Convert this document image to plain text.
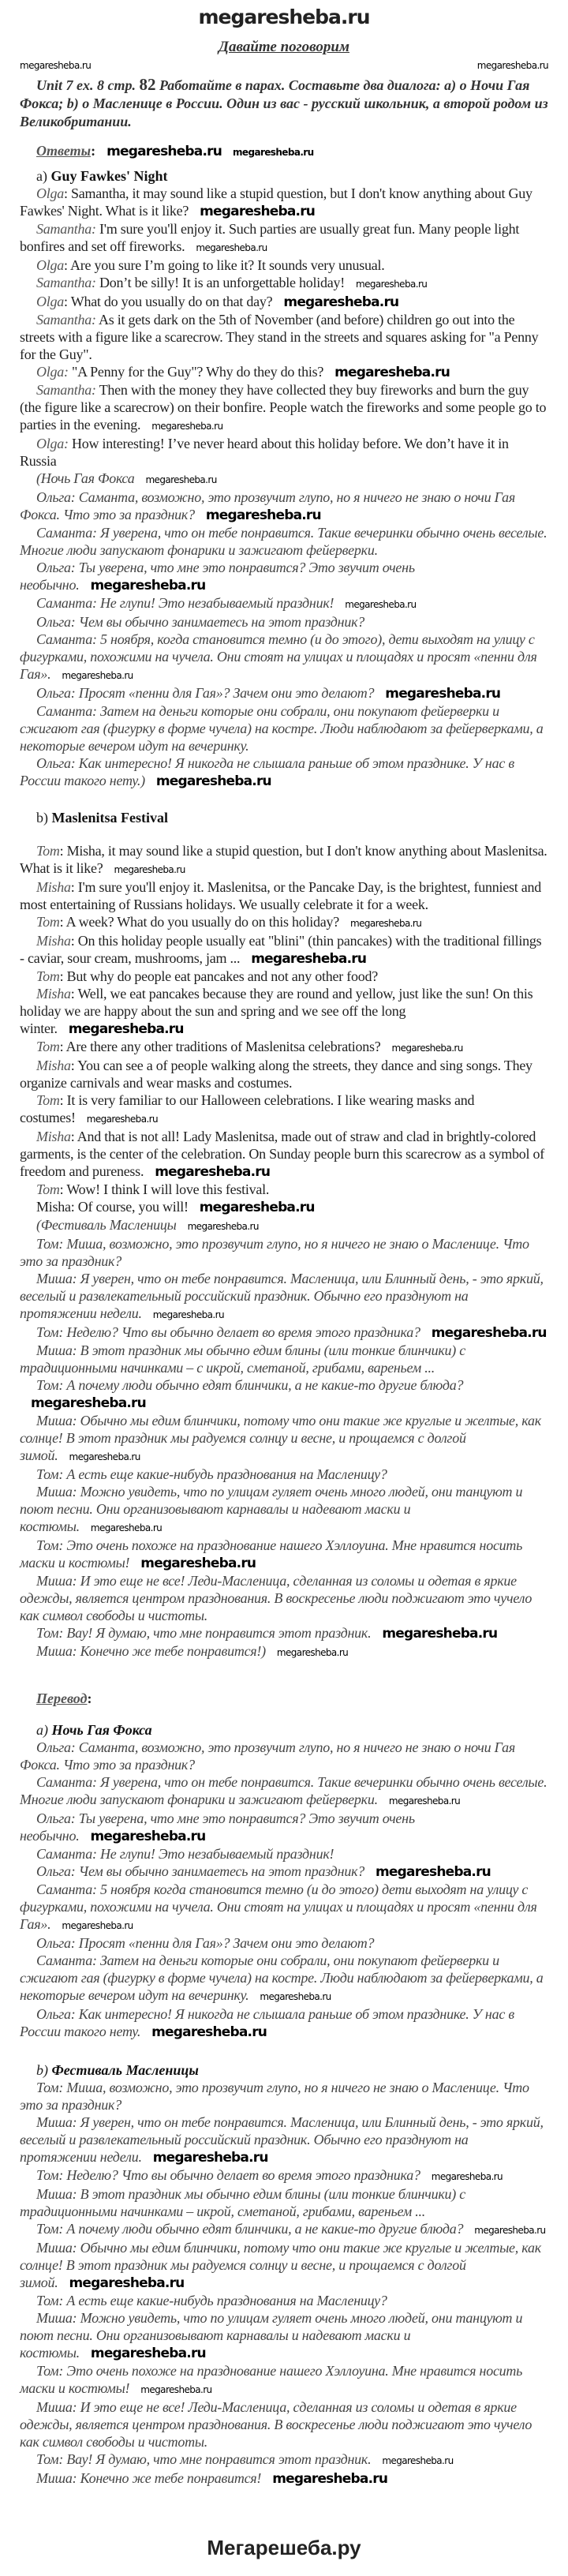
megaresheba.ru
Давайте поговорим
megaresheba.ru	megaresheba.ru

Unit 7 ex. 8 стр. 82 Работайте в парах. Составьте два диалога: а) о Ночи Гая Фокса; b) о Масленице в России. Один из вас - русский школьник, а второй родом из Великобритании.

Ответы: megaresheba.ru megaresheba.ru

a) Guy Fawkes' Night

Olga: Samantha, it may sound like a stupid question, but I don't know anything about Guy Fawkes' Night. What is it like? megaresheba.ru

Samantha: I'm sure you'll enjoy it. Such parties are usually great fun. Many people light bonfires and set off fireworks. megaresheba.ru

Olga: Are you sure I’m going to like it? It sounds very unusual.

Samantha: Don’t be silly! It is an unforgettable holiday! megaresheba.ru

Olga: What do you usually do on that day? megaresheba.ru

Samantha: As it gets dark on the 5th of November (and before) children go out into the streets with a figure like a scarecrow. They stand in the streets and squares asking for "a Penny for the Guy".

Olga: "A Penny for the Guy"? Why do they do this? megaresheba.ru

Samantha: Then with the money they have collected they buy fireworks and burn the guy (the figure like a scarecrow) on their bonfire. People watch the fireworks and some people go to parties in the evening. megaresheba.ru

Olga: How interesting! I’ve never heard about this holiday before. We don’t have it in Russia

(Ночь Гая Фокса megaresheba.ru

Ольга: Саманта, возможно, это прозвучит глупо, но я ничего не знаю о ночи Гая Фокса. Что это за праздник? megaresheba.ru

Саманта: Я уверена, что он тебе понравится. Такие вечеринки обычно очень веселые. Многие люди запускают фонарики и зажигают фейерверки.

Ольга: Ты уверена, что мне это понравится? Это звучит очень необычно. megaresheba.ru

Саманта: Не глупи! Это незабываемый праздник! megaresheba.ru

Ольга: Чем вы обычно занимаетесь на этот праздник?

Саманта: 5 ноября, когда становится темно (и до этого), дети выходят на улицу с фигурками, похожими на чучела. Они стоят на улицах и площадях и просят «пенни для Гая». megaresheba.ru

Ольга: Просят «пенни для Гая»? Зачем они это делают? megaresheba.ru

Саманта: Затем на деньги которые они собрали, они покупают фейерверки и сжигают гая (фигурку в форме чучела) на костре. Люди наблюдают за фейерверками, а некоторые вечером идут на вечеринку.

Ольга: Как интересно! Я никогда не слышала раньше об этом празднике. У нас в России такого нету.) megaresheba.ru

b) Maslenitsa Festival

Tom: Misha, it may sound like a stupid question, but I don't know anything about Maslenitsa. What is it like? megaresheba.ru

Misha: I'm sure you'll enjoy it. Maslenitsa, or the Pancake Day, is the brightest, funniest and most entertaining of Russians holidays. We usually celebrate it for a week.

Tom: A week? What do you usually do on this holiday? megaresheba.ru

Misha: On this holiday people usually eat "blini" (thin pancakes) with the traditional fillings - caviar, sour cream, mushrooms, jam ... megaresheba.ru

Tom: But why do people eat pancakes and not any other food?

Misha: Well, we eat pancakes because they are round and yellow, just like the sun! On this holiday we are happy about the sun and spring and we see off the long winter. megaresheba.ru

Tom: Are there any other traditions of Maslenitsa celebrations? megaresheba.ru

Misha: You can see a of people walking along the streets, they dance and sing songs. They organize carnivals and wear masks and costumes.

Tom: It is very familiar to our Halloween celebrations. I like wearing masks and costumes! megaresheba.ru

Misha: And that is not all! Lady Maslenitsa, made out of straw and clad in brightly-colored garments, is the center of the celebration. On Sunday people burn this scarecrow as a symbol of freedom and pureness. megaresheba.ru

Tom: Wow! I think I will love this festival.

Misha: Of course, you will! megaresheba.ru

(Фестиваль Масленицы megaresheba.ru

Том: Миша, возможно, это прозвучит глупо, но я ничего не знаю о Масленице. Что это за праздник?

Миша: Я уверен, что он тебе понравится. Масленица, или Блинный день, - это яркий, веселый и развлекательный российский праздник. Обычно его празднуют на протяжении недели. megaresheba.ru

Том: Неделю? Что вы обычно делает во время этого праздника? megaresheba.ru

Миша: В этот праздник мы обычно едим блины (или тонкие блинчики) с традиционными начинками – с икрой, сметаной, грибами, вареньем ...

Том: А почему люди обычно едят блинчики, а не какие-то другие блюда?megaresheba.ru

Миша: Обычно мы едим блинчики, потому что они такие же круглые и желтые, как солнце! В этот праздник мы радуемся солнцу и весне, и прощаемся с долгой зимой. megaresheba.ru

Том: А есть еще какие-нибудь празднования на Масленицу?

Миша: Можно увидеть, что по улицам гуляет очень много людей, они танцуют и поют песни. Они организовывают карнавалы и надевают маски и костюмы. megaresheba.ru

Том: Это очень похоже на празднование нашего Хэллоуина. Мне нравится носить маски и костюмы! megaresheba.ru

Миша: И это еще не все! Леди-Масленица, сделанная из соломы и одетая в яркие одежды, является центром празднования. В воскресенье люди поджигают это чучело как символ свободы и чистоты.

Том: Вау! Я думаю, что мне понравится этот праздник. megaresheba.ru

Миша: Конечно же тебе понравится!) megaresheba.ru

Перевод:

а) Ночь Гая Фокса

Ольга: Саманта, возможно, это прозвучит глупо, но я ничего не знаю о ночи Гая Фокса. Что это за праздник?

Саманта: Я уверена, что он тебе понравится. Такие вечеринки обычно очень веселые. Многие люди запускают фонарики и зажигают фейерверки. megaresheba.ru

Ольга: Ты уверена, что мне это понравится? Это звучит очень необычно. megaresheba.ru

Саманта: Не глупи! Это незабываемый праздник!

Ольга: Чем вы обычно занимаетесь на этот праздник? megaresheba.ru

Саманта: 5 ноября когда становится темно (и до этого) дети выходят на улицу с фигурками, похожими на чучела. Они стоят на улицах и площадях и просят «пенни для Гая». megaresheba.ru

Ольга: Просят «пенни для Гая»? Зачем они это делают?

Саманта: Затем на деньги которые они собрали, они покупают фейерверки и сжигают гая (фигурку в форме чучела) на костре. Люди наблюдают за фейерверками, а некоторые вечером идут на вечеринку. megaresheba.ru

Ольга: Как интересно! Я никогда не слышала раньше об этом празднике. У нас в России такого нету. megaresheba.ru

b) Фестиваль Масленицы

Том: Миша, возможно, это прозвучит глупо, но я ничего не знаю о Масленице. Что это за праздник?

Миша: Я уверен, что он тебе понравится. Масленица, или Блинный день, - это яркий, веселый и развлекательный российский праздник. Обычно его празднуют на протяжении недели. megaresheba.ru

Том: Неделю? Что вы обычно делает во время этого праздника? megaresheba.ru

Миша: В этот праздник мы обычно едим блины (или тонкие блинчики) с традиционными начинками – икрой, сметаной, грибами, вареньем ...

Том: А почему люди обычно едят блинчики, а не какие-то другие блюда? megaresheba.ru

Миша: Обычно мы едим блинчики, потому что они такие же круглые и желтые, как солнце! В этот праздник мы радуемся солнцу и весне, и прощаемся с долгой зимой. megaresheba.ru

Том: А есть еще какие-нибудь празднования на Масленицу?

Миша: Можно увидеть, что по улицам гуляет очень много людей, они танцуют и поют песни. Они организовывают карнавалы и надевают маски и костюмы. megaresheba.ru

Том: Это очень похоже на празднование нашего Хэллоуина. Мне нравится носить маски и костюмы! megaresheba.ru

Миша: И это еще не все! Леди-Масленица, сделанная из соломы и одетая в яркие одежды, является центром празднования. В воскресенье люди поджигают это чучело как символ свободы и чистоты.

Том: Вау! Я думаю, что мне понравится этот праздник. megaresheba.ru

Миша: Конечно же тебе понравится! megaresheba.ru

Мегарешеба.ру
